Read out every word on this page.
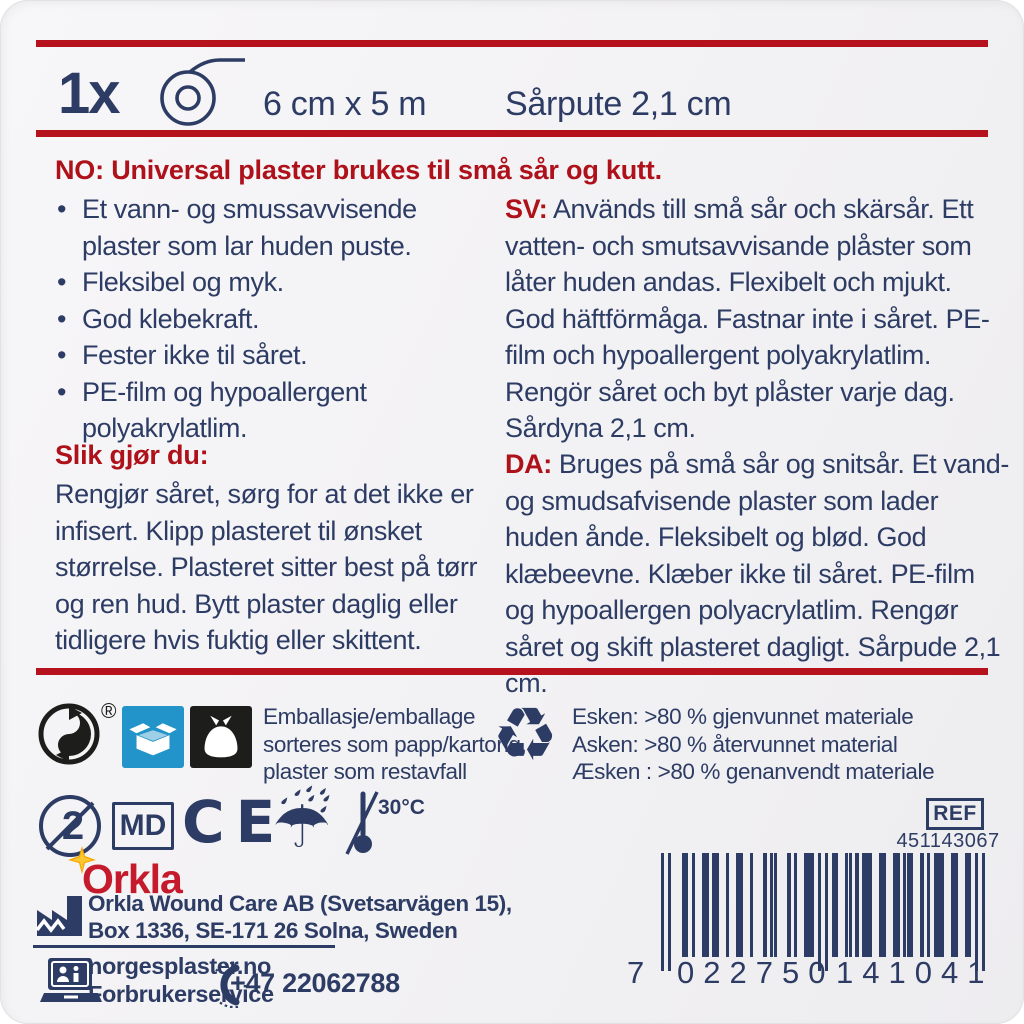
1x	6 cm x 5 m Sårpute 2,1 cm
NO: Universal plaster brukes til små sår og kutt.
• Et vann- og smussavvisende plaster som lar huden puste.
• Fleksibel og myk.
• God klebekraft.
• Fester ikke til såret.
• PE-film og hypoallergent polyakrylatlim.
Slik gjør du:
Rengjør såret, sørg for at det ikke er infisert. Klipp plasteret til ønsket størrelse. Plasteret sitter best på tørr og ren hud. Bytt plaster daglig eller tidligere hvis fuktig eller skittent.
SV: Används till små sår och skärsår. Ett vatten- och smutsavvisande plåster som låter huden andas. Flexibelt och mjukt. God häftförmåga. Fastnar inte i såret. PE-film och hypoallergent polyakrylatlim. Rengör såret och byt plåster varje dag. Sårdyna 2,1 cm.
DA: Bruges på små sår og snitsår. Et vand- og smudsafvisende plaster som lader huden ånde. Fleksibelt og blød. God klæbeevne. Klæber ikke til såret. PE-film og hypoallergen polyacrylatlim. Rengør såret og skift plasteret dagligt. Sårpude 2,1 cm.
®	Emballasje/emballage
sorteres som papp/kartong,
plaster som restavfall ♻ Esken: >80 % gjenvunnet materiale
Asken: >80 % återvunnet material
Æsken : >80 % genanvendt materiale
2 MD CE
☔ 30°C	REF
451143067
Orkla
Orkla Wound Care AB (Svetsarvägen 15),
Box 1336, SE-171 26 Solna, Sweden
norgesplaster.no
Forbrukerservice
+47 22062788	7 022750 141041
